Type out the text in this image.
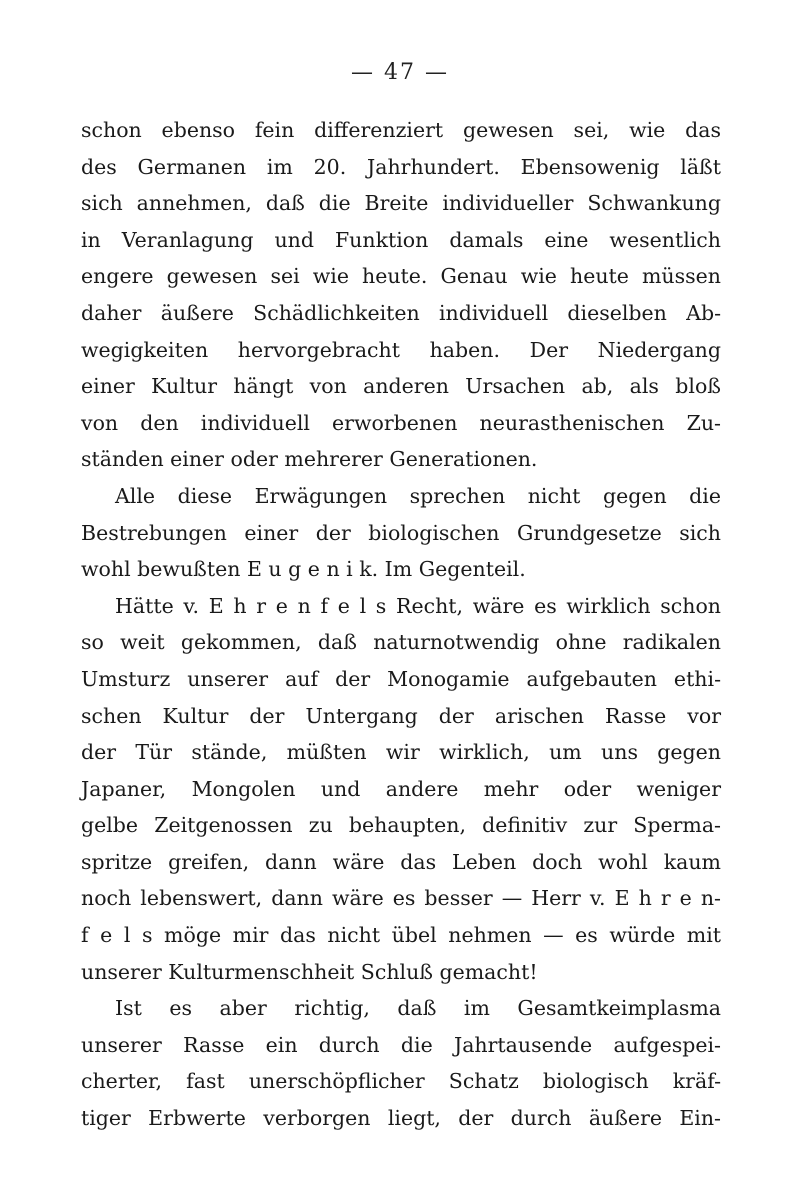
— 47 —
schon ebenso fein differenziert gewesen sei, wie das
des Germanen im 20. Jahrhundert. Ebensowenig läßt
sich annehmen, daß die Breite individueller Schwankung
in Veranlagung und Funktion damals eine wesentlich
engere gewesen sei wie heute. Genau wie heute müssen
daher äußere Schädlichkeiten individuell dieselben Ab-
wegigkeiten hervorgebracht haben. Der Niedergang
einer Kultur hängt von anderen Ursachen ab, als bloß
von den individuell erworbenen neurasthenischen Zu-
ständen einer oder mehrerer Generationen.
Alle diese Erwägungen sprechen nicht gegen die
Bestrebungen einer der biologischen Grundgesetze sich
wohl bewußten E u g e n i k. Im Gegenteil.
Hätte v. E h r e n f e l s Recht, wäre es wirklich schon
so weit gekommen, daß naturnotwendig ohne radikalen
Umsturz unserer auf der Monogamie aufgebauten ethi-
schen Kultur der Untergang der arischen Rasse vor
der Tür stände, müßten wir wirklich, um uns gegen
Japaner, Mongolen und andere mehr oder weniger
gelbe Zeitgenossen zu behaupten, definitiv zur Sperma-
spritze greifen, dann wäre das Leben doch wohl kaum
noch lebenswert, dann wäre es besser — Herr v. E h r e n-
f e l s möge mir das nicht übel nehmen — es würde mit
unserer Kulturmenschheit Schluß gemacht!
Ist es aber richtig, daß im Gesamtkeimplasma
unserer Rasse ein durch die Jahrtausende aufgespei-
cherter, fast unerschöpflicher Schatz biologisch kräf-
tiger Erbwerte verborgen liegt, der durch äußere Ein-
